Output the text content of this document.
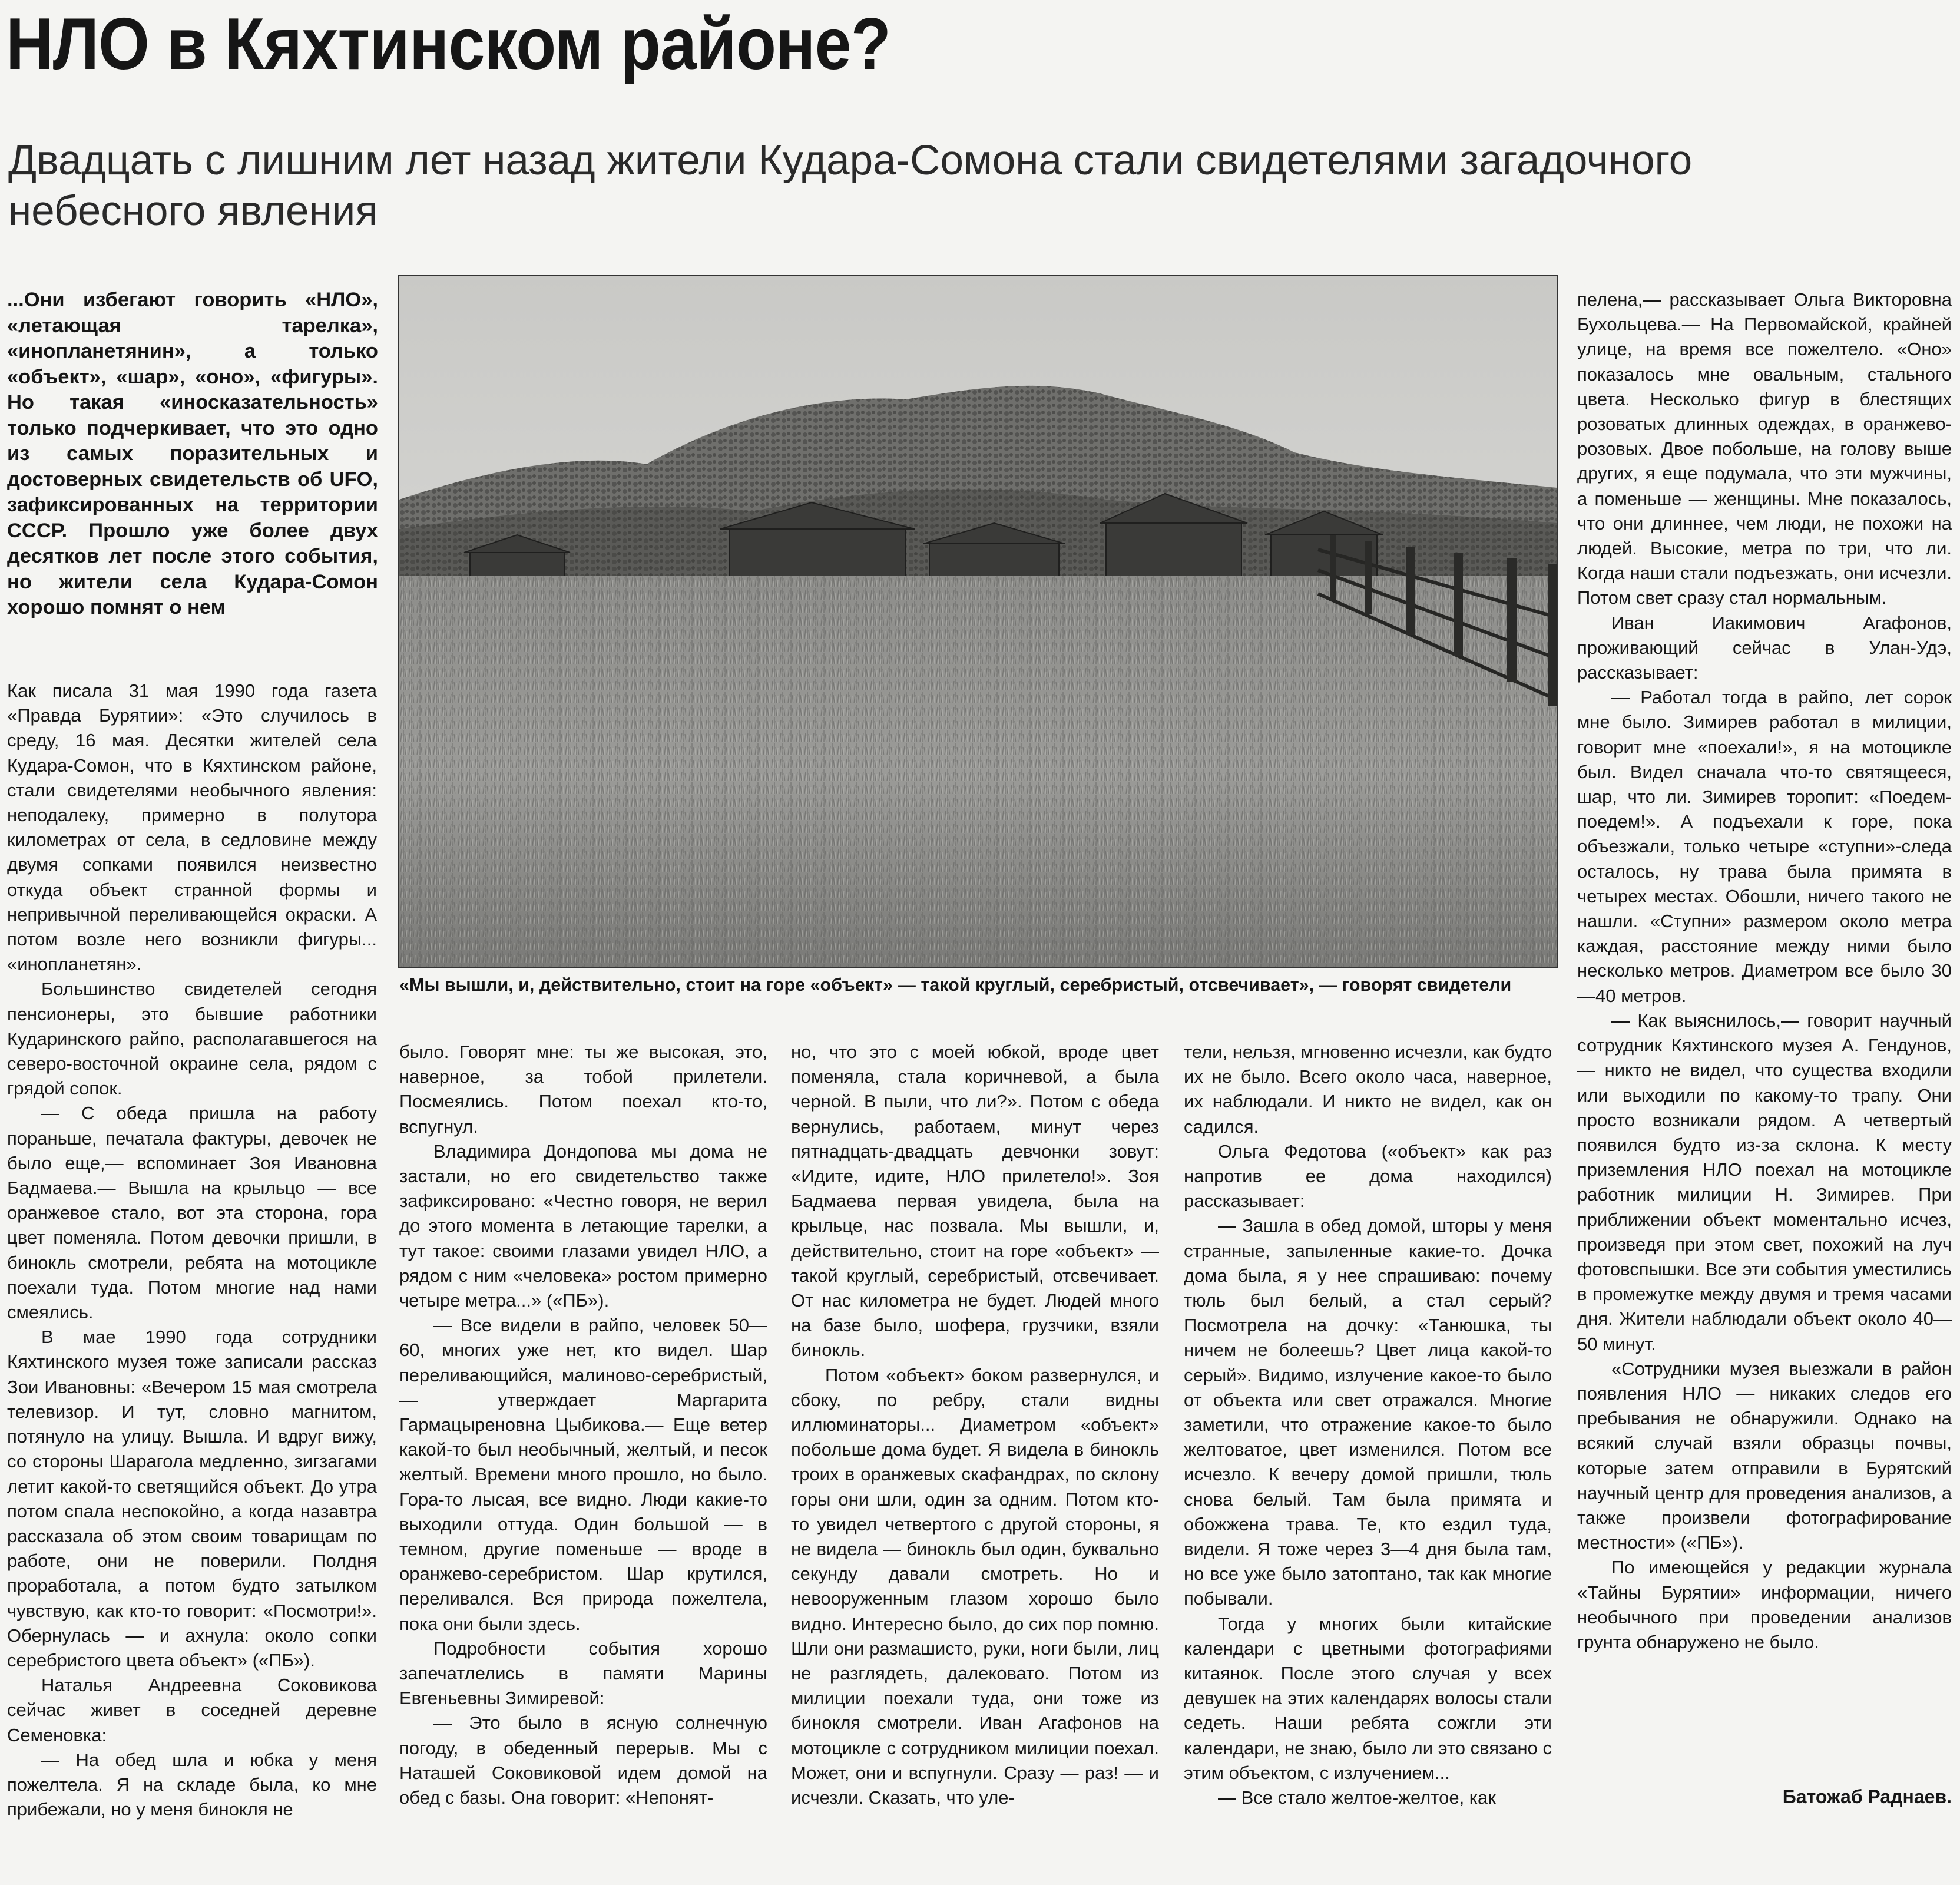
НЛО в Кяхтинском районе?
Двадцать с лишним лет назад жители Кудара-Сомона стали свидетелями загадочного небесного явления

...Они избегают говорить «НЛО», «летающая тарелка», «инопланетянин», а только «объект», «шар», «оно», «фигуры». Но такая «иносказательность» только подчеркивает, что это одно из самых поразительных и достоверных свидетельств об UFO, зафиксированных на территории СССР. Прошло уже более двух десятков лет после этого события, но жители села Кудара-Сомон хорошо помнят о нем

«Мы вышли, и, действительно, стоит на горе «объект» — такой круглый, серебристый, отсвечивает», — говорят свидетели

Как писала 31 мая 1990 года газета «Правда Бурятии»: «Это случилось в среду, 16 мая. Десятки жителей села Кудара-Сомон, что в Кяхтинском районе, стали свидетелями необычного явления: неподалеку, примерно в полутора километрах от села, в седловине между двумя сопками появился неизвестно откуда объект странной формы и непривычной переливающейся окраски. А потом возле него возникли фигуры... «инопланетян».

Большинство свидетелей сегодня пенсионеры, это бывшие работники Кударинского райпо, располагавшегося на северо-восточной окраине села, рядом с грядой сопок.

— С обеда пришла на работу пораньше, печатала фактуры, девочек не было еще,— вспоминает Зоя Ивановна Бадмаева.— Вышла на крыльцо — все оранжевое стало, вот эта сторона, гора цвет поменяла. Потом девочки пришли, в бинокль смотрели, ребята на мотоцикле поехали туда. Потом многие над нами смеялись.

В мае 1990 года сотрудники Кяхтинского музея тоже записали рассказ Зои Ивановны: «Вечером 15 мая смотрела телевизор. И тут, словно магнитом, потянуло на улицу. Вышла. И вдруг вижу, со стороны Шарагола медленно, зигзагами летит какой-то светящийся объект. До утра потом спала неспокойно, а когда назавтра рассказала об этом своим товарищам по работе, они не поверили. Полдня проработала, а потом будто затылком чувствую, как кто-то говорит: «Посмотри!». Обернулась — и ахнула: около сопки серебристого цвета объект» («ПБ»).

Наталья Андреевна Соковикова сейчас живет в соседней деревне Семеновка:

— На обед шла и юбка у меня пожелтела. Я на складе была, ко мне прибежали, но у меня бинокля не

было. Говорят мне: ты же высокая, это, наверное, за тобой прилетели. Посмеялись. Потом поехал кто-то, вспугнул.

Владимира Дондопова мы дома не застали, но его свидетельство также зафиксировано: «Честно говоря, не верил до этого момента в летающие тарелки, а тут такое: своими глазами увидел НЛО, а рядом с ним «человека» ростом примерно четыре метра...» («ПБ»).

— Все видели в райпо, человек 50—60, многих уже нет, кто видел. Шар переливающийся, малиново-серебристый,— утверждает Маргарита Гармацыреновна Цыбикова.— Еще ветер какой-то был необычный, желтый, и песок желтый. Времени много прошло, но было. Гора-то лысая, все видно. Люди какие-то выходили оттуда. Один большой — в темном, другие поменьше — вроде в оранжево-серебристом. Шар крутился, переливался. Вся природа пожелтела, пока они были здесь.

Подробности события хорошо запечатлелись в памяти Марины Евгеньевны Зимиревой:

— Это было в ясную солнечную погоду, в обеденный перерыв. Мы с Наташей Соковиковой идем домой на обед с базы. Она говорит: «Непонят-

но, что это с моей юбкой, вроде цвет поменяла, стала коричневой, а была черной. В пыли, что ли?». Потом с обеда вернулись, работаем, минут через пятнадцать-двадцать девчонки зовут: «Идите, идите, НЛО прилетело!». Зоя Бадмаева первая увидела, была на крыльце, нас позвала. Мы вышли, и, действительно, стоит на горе «объект» — такой круглый, серебристый, отсвечивает. От нас километра не будет. Людей много на базе было, шофера, грузчики, взяли бинокль.

Потом «объект» боком развернулся, и сбоку, по ребру, стали видны иллюминаторы... Диаметром «объект» побольше дома будет. Я видела в бинокль троих в оранжевых скафандрах, по склону горы они шли, один за одним. Потом кто-то увидел четвертого с другой стороны, я не видела — бинокль был один, буквально секунду давали смотреть. Но и невооруженным глазом хорошо было видно. Интересно было, до сих пор помню. Шли они размашисто, руки, ноги были, лиц не разглядеть, далековато. Потом из милиции поехали туда, они тоже из бинокля смотрели. Иван Агафонов на мотоцикле с сотрудником милиции поехал. Может, они и вспугнули. Сразу — раз! — и исчезли. Сказать, что уле-

тели, нельзя, мгновенно исчезли, как будто их не было. Всего около часа, наверное, их наблюдали. И никто не видел, как он садился.

Ольга Федотова («объект» как раз напротив ее дома находился) рассказывает:

— Зашла в обед домой, шторы у меня странные, запыленные какие-то. Дочка дома была, я у нее спрашиваю: почему тюль был белый, а стал серый? Посмотрела на дочку: «Танюшка, ты ничем не болеешь? Цвет лица какой-то серый». Видимо, излучение какое-то было от объекта или свет отражался. Многие заметили, что отражение какое-то было желтоватое, цвет изменился. Потом все исчезло. К вечеру домой пришли, тюль снова белый. Там была примята и обожжена трава. Те, кто ездил туда, видели. Я тоже через 3—4 дня была там, но все уже было затоптано, так как многие побывали.

Тогда у многих были китайские календари с цветными фотографиями китаянок. После этого случая у всех девушек на этих календарях волосы стали седеть. Наши ребята сожгли эти календари, не знаю, было ли это связано с этим объектом, с излучением...

— Все стало желтое-желтое, как

пелена,— рассказывает Ольга Викторовна Бухольцева.— На Первомайской, крайней улице, на время все пожелтело. «Оно» показалось мне овальным, стального цвета. Несколько фигур в блестящих розоватых длинных одеждах, в оранжево-розовых. Двое побольше, на голову выше других, я еще подумала, что эти мужчины, а поменьше — женщины. Мне показалось, что они длиннее, чем люди, не похожи на людей. Высокие, метра по три, что ли. Когда наши стали подъезжать, они исчезли. Потом свет сразу стал нормальным.

Иван Иакимович Агафонов, проживающий сейчас в Улан-Удэ, рассказывает:

— Работал тогда в райпо, лет сорок мне было. Зимирев работал в милиции, говорит мне «поехали!», я на мотоцикле был. Видел сначала что-то святящееся, шар, что ли. Зимирев торопит: «Поедем-поедем!». А подъехали к горе, пока объезжали, только четыре «ступни»-следа осталось, ну трава была примята в четырех местах. Обошли, ничего такого не нашли. «Ступни» размером около метра каждая, расстояние между ними было несколько метров. Диаметром все было 30—40 метров.

— Как выяснилось,— говорит научный сотрудник Кяхтинского музея А. Гендунов,— никто не видел, что существа входили или выходили по какому-то трапу. Они просто возникали рядом. А четвертый появился будто из-за склона. К месту приземления НЛО поехал на мотоцикле работник милиции Н. Зимирев. При приближении объект моментально исчез, произведя при этом свет, похожий на луч фотовспышки. Все эти события уместились в промежутке между двумя и тремя часами дня. Жители наблюдали объект около 40—50 минут.

«Сотрудники музея выезжали в район появления НЛО — никаких следов его пребывания не обнаружили. Однако на всякий случай взяли образцы почвы, которые затем отправили в Бурятский научный центр для проведения анализов, а также произвели фотографирование местности» («ПБ»).

По имеющейся у редакции журнала «Тайны Бурятии» информации, ничего необычного при проведении анализов грунта обнаружено не было.

Батожаб Раднаев.
